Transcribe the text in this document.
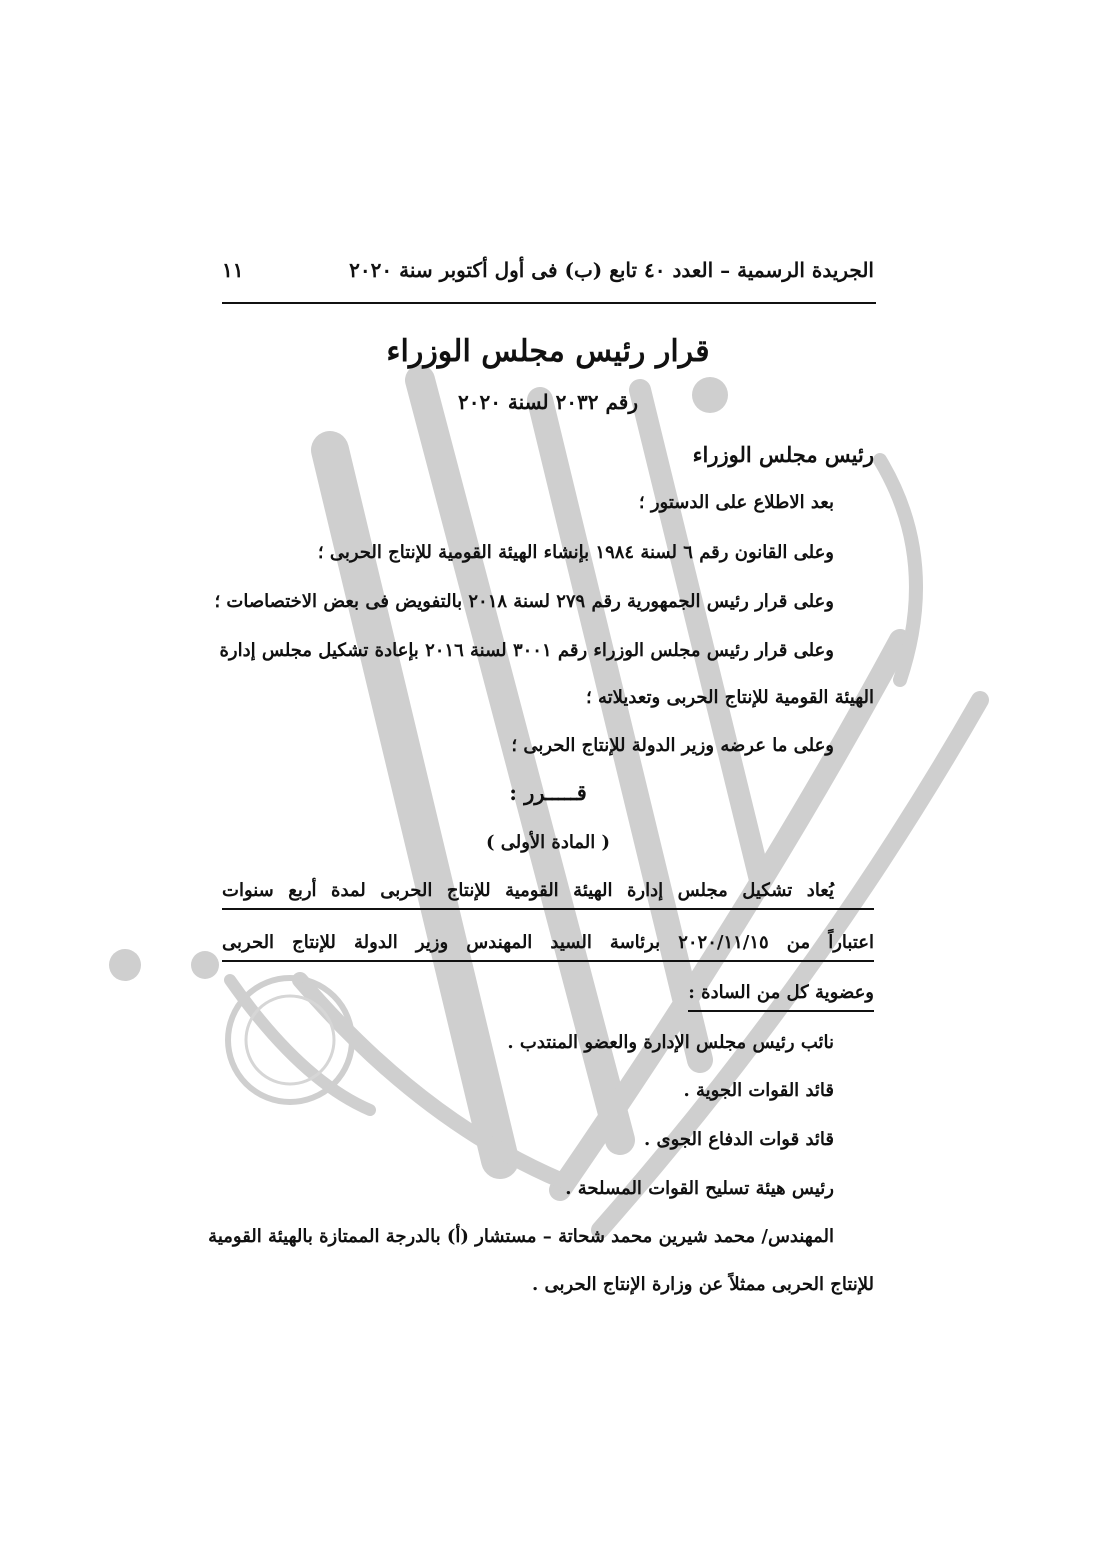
الجريدة الرسمية – العدد ٤٠ تابع (ب) فى أول أكتوبر سنة ٢٠٢٠
١١
قرار رئيس مجلس الوزراء
رقم ٢٠٣٢ لسنة ٢٠٢٠
رئيس مجلس الوزراء
بعد الاطلاع على الدستور ؛
وعلى القانون رقم ٦ لسنة ١٩٨٤ بإنشاء الهيئة القومية للإنتاج الحربى ؛
وعلى قرار رئيس الجمهورية رقم ٢٧٩ لسنة ٢٠١٨ بالتفويض فى بعض الاختصاصات ؛
وعلى قرار رئيس مجلس الوزراء رقم ٣٠٠١ لسنة ٢٠١٦ بإعادة تشكيل مجلس إدارة
الهيئة القومية للإنتاج الحربى وتعديلاته ؛
وعلى ما عرضه وزير الدولة للإنتاج الحربى ؛
قـــــرر :
( المادة الأولى )
يُعاد تشكيل مجلس إدارة الهيئة القومية للإنتاج الحربى لمدة أربع سنوات
اعتباراً من ٢٠٢٠/١١/١٥ برئاسة السيد المهندس وزير الدولة للإنتاج الحربى
وعضوية كل من السادة :
نائب رئيس مجلس الإدارة والعضو المنتدب .
قائد القوات الجوية .
قائد قوات الدفاع الجوى .
رئيس هيئة تسليح القوات المسلحة .
المهندس/ محمد شيرين محمد شحاتة – مستشار (أ) بالدرجة الممتازة بالهيئة القومية
للإنتاج الحربى ممثلاً عن وزارة الإنتاج الحربى .
